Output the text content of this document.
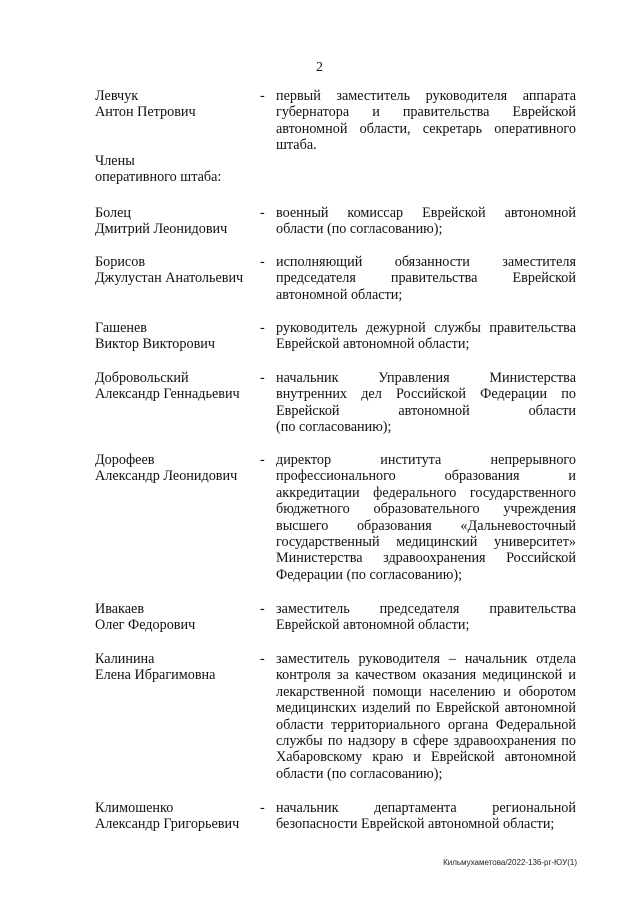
2
Левчук
Антон Петрович
- первый заместитель руководителя аппарата
губернатора и правительства Еврейской
автономной области, секретарь оперативного
штаба.
Члены
оперативного штаба:
Болец
Дмитрий Леонидович
- военный комиссар Еврейской автономной
области (по согласованию);
Борисов
Джулустан Анатольевич
- исполняющий обязанности заместителя
председателя правительства Еврейской
автономной области;
Гашенев
Виктор Викторович
- руководитель дежурной службы правительства
Еврейской автономной области;
Добровольский
Александр Геннадьевич
- начальник Управления Министерства
внутренних дел Российской Федерации по
Еврейской автономной области
(по согласованию);
Дорофеев
Александр Леонидович
- директор института непрерывного
профессионального образования и
аккредитации федерального государственного
бюджетного образовательного учреждения
высшего образования «Дальневосточный
государственный медицинский университет»
Министерства здравоохранения Российской
Федерации (по согласованию);
Ивакаев
Олег Федорович
- заместитель председателя правительства
Еврейской автономной области;
Калинина
Елена Ибрагимовна
- заместитель руководителя – начальник отдела
контроля за качеством оказания медицинской и
лекарственной помощи населению и оборотом
медицинских изделий по Еврейской автономной
области территориального органа Федеральной
службы по надзору в сфере здравоохранения по
Хабаровскому краю и Еврейской автономной
области (по согласованию);
Климошенко
Александр Григорьевич
- начальник департамента региональной
безопасности Еврейской автономной области;
Кильмухаметова/2022-136-рг-ЮУ(1)
